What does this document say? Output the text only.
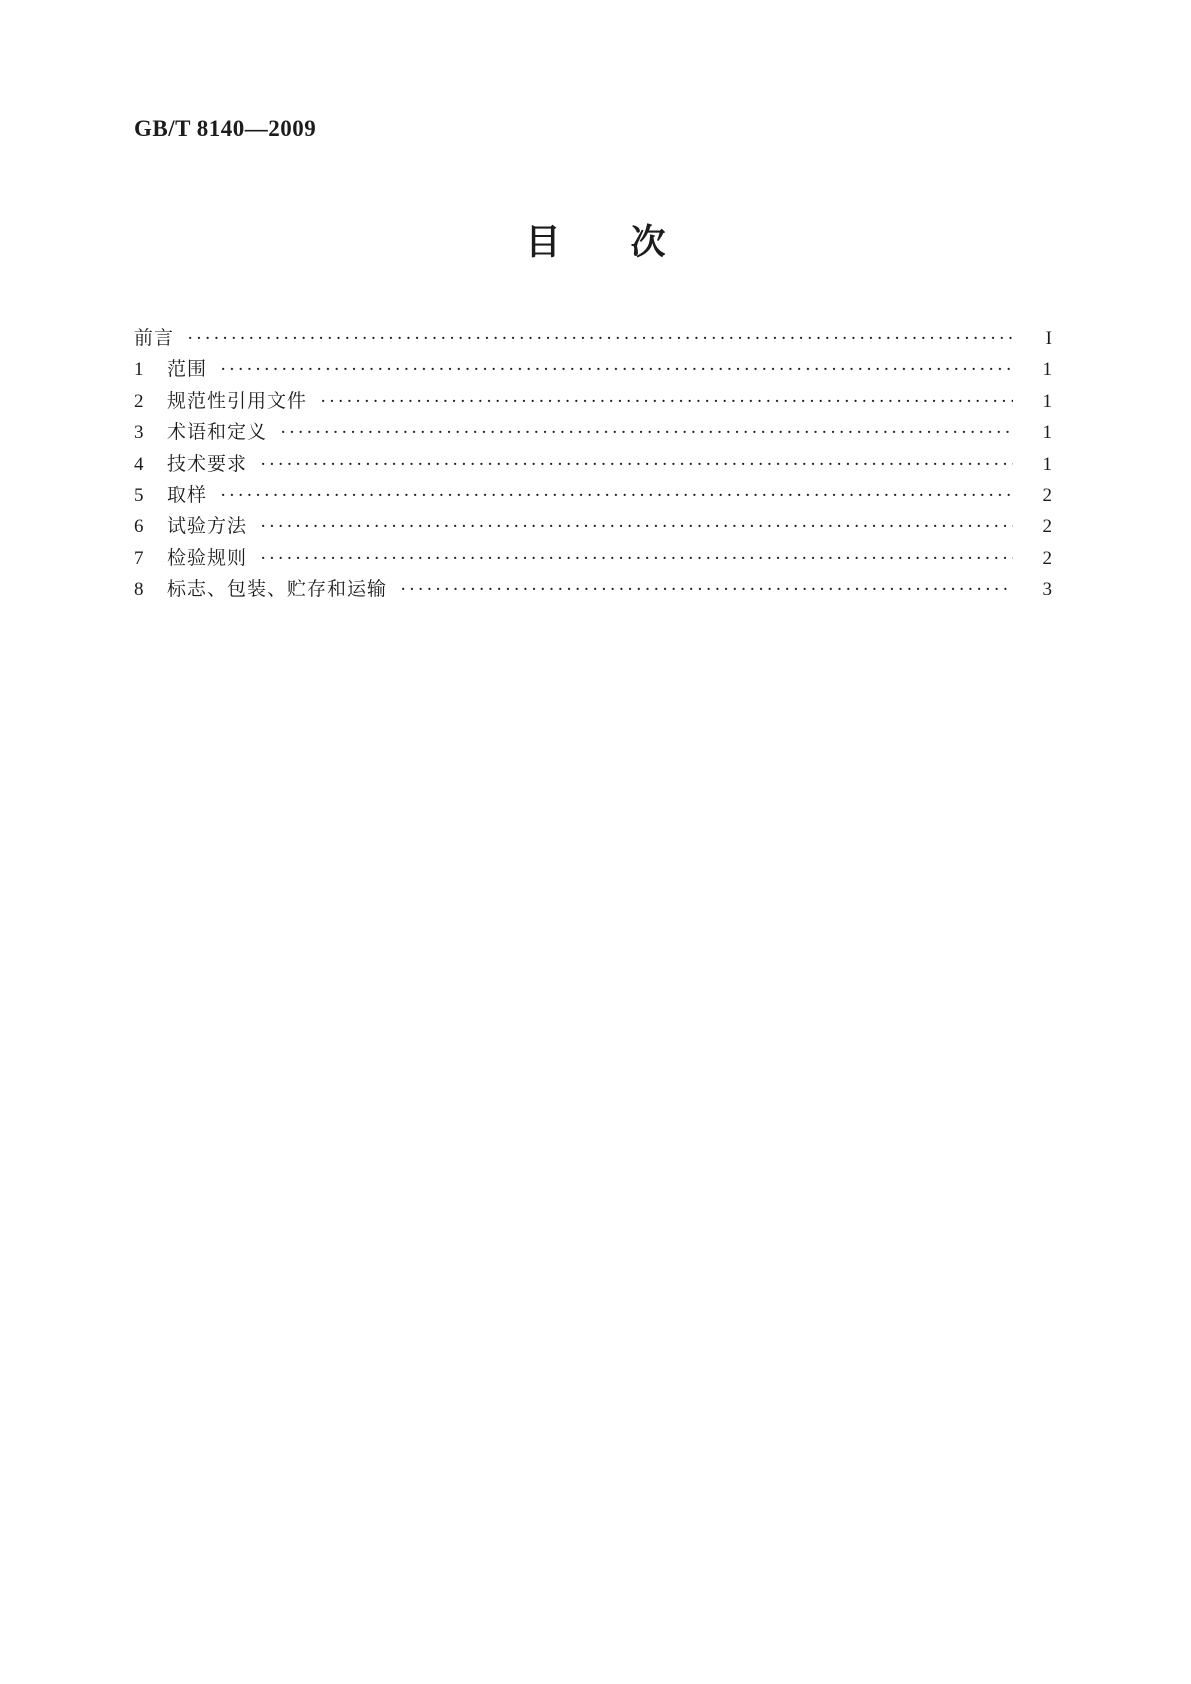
GB/T 8140—2009
目　　次
前言 ·····	I
1	范围 ·····	1
2	规范性引用文件 ·····	1
3	术语和定义 ·····	1
4	技术要求 ·····	1
5	取样 ·····	2
6	试验方法 ·····	2
7	检验规则 ·····	2
8	标志、包装、贮存和运输 ·····	3
